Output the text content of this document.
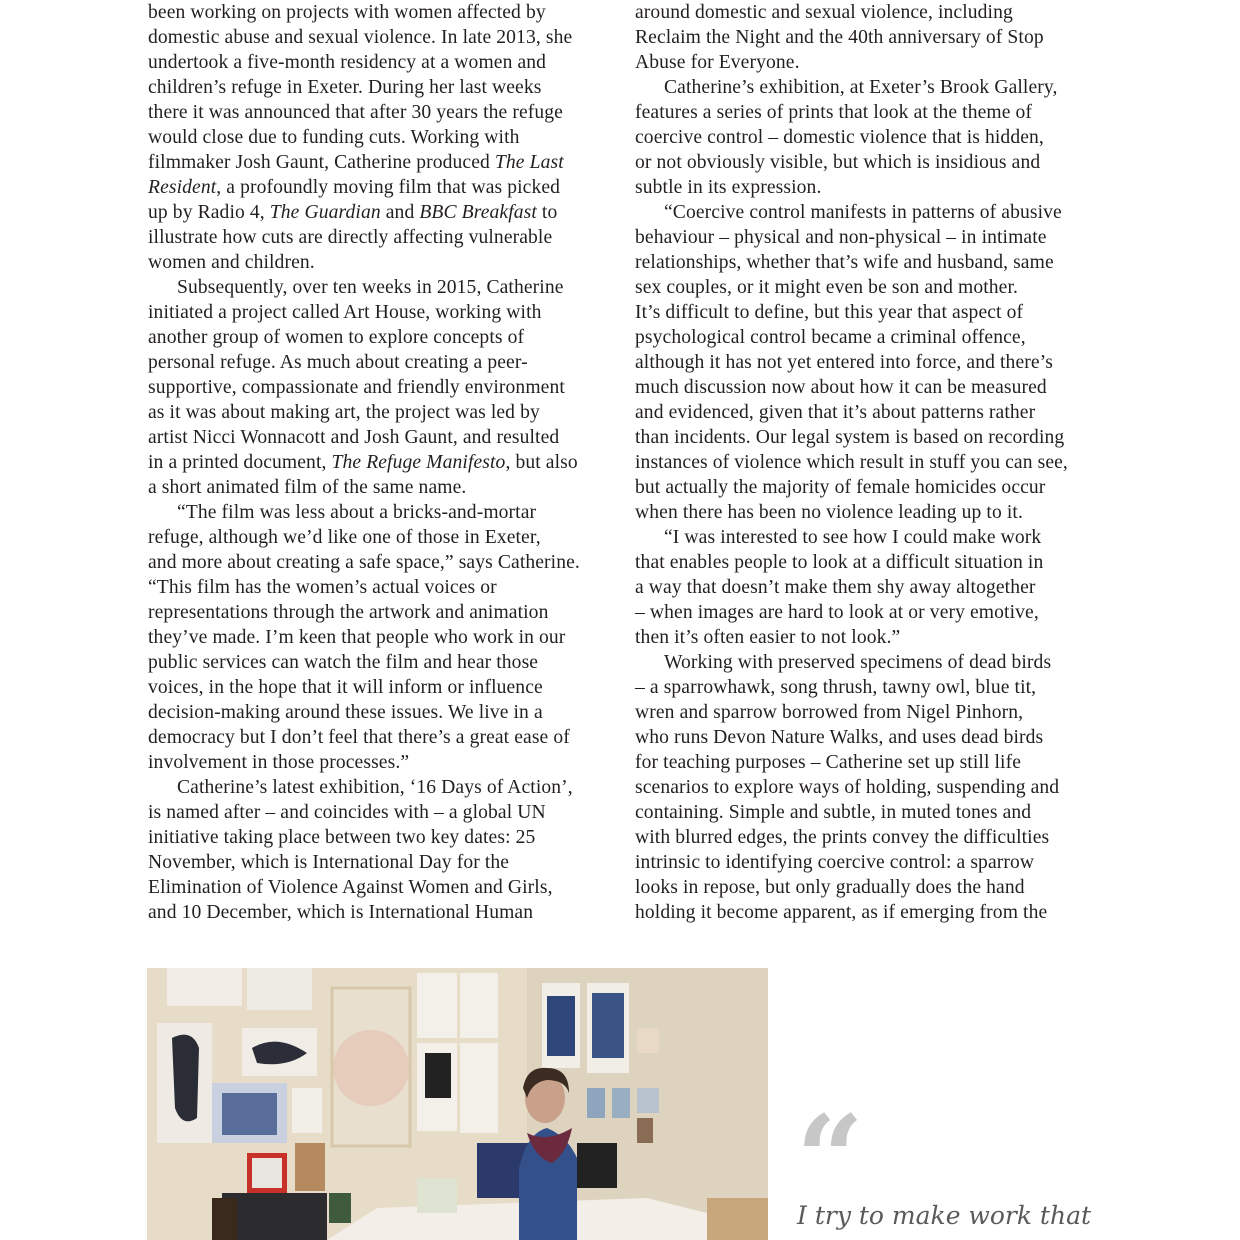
been working on projects with women affected by
domestic abuse and sexual violence. In late 2013, she
undertook a five-month residency at a women and
children’s refuge in Exeter. During her last weeks
there it was announced that after 30 years the refuge
would close due to funding cuts. Working with
filmmaker Josh Gaunt, Catherine produced The Last
Resident, a profoundly moving film that was picked
up by Radio 4, The Guardian and BBC Breakfast to
illustrate how cuts are directly affecting vulnerable
women and children.
Subsequently, over ten weeks in 2015, Catherine
initiated a project called Art House, working with
another group of women to explore concepts of
personal refuge. As much about creating a peer-
supportive, compassionate and friendly environment
as it was about making art, the project was led by
artist Nicci Wonnacott and Josh Gaunt, and resulted
in a printed document, The Refuge Manifesto, but also
a short animated film of the same name.
“The film was less about a bricks-and-mortar
refuge, although we’d like one of those in Exeter,
and more about creating a safe space,” says Catherine.
“This film has the women’s actual voices or
representations through the artwork and animation
they’ve made. I’m keen that people who work in our
public services can watch the film and hear those
voices, in the hope that it will inform or influence
decision-making around these issues. We live in a
democracy but I don’t feel that there’s a great ease of
involvement in those processes.”
Catherine’s latest exhibition, ‘16 Days of Action’,
is named after – and coincides with – a global UN
initiative taking place between two key dates: 25
November, which is International Day for the
Elimination of Violence Against Women and Girls,
and 10 December, which is International Human
around domestic and sexual violence, including
Reclaim the Night and the 40th anniversary of Stop
Abuse for Everyone.
Catherine’s exhibition, at Exeter’s Brook Gallery,
features a series of prints that look at the theme of
coercive control – domestic violence that is hidden,
or not obviously visible, but which is insidious and
subtle in its expression.
“Coercive control manifests in patterns of abusive
behaviour – physical and non-physical – in intimate
relationships, whether that’s wife and husband, same
sex couples, or it might even be son and mother.
It’s difficult to define, but this year that aspect of
psychological control became a criminal offence,
although it has not yet entered into force, and there’s
much discussion now about how it can be measured
and evidenced, given that it’s about patterns rather
than incidents. Our legal system is based on recording
instances of violence which result in stuff you can see,
but actually the majority of female homicides occur
when there has been no violence leading up to it.
“I was interested to see how I could make work
that enables people to look at a difficult situation in
a way that doesn’t make them shy away altogether
– when images are hard to look at or very emotive,
then it’s often easier to not look.”
Working with preserved specimens of dead birds
– a sparrowhawk, song thrush, tawny owl, blue tit,
wren and sparrow borrowed from Nigel Pinhorn,
who runs Devon Nature Walks, and uses dead birds
for teaching purposes – Catherine set up still life
scenarios to explore ways of holding, suspending and
containing. Simple and subtle, in muted tones and
with blurred edges, the prints convey the difficulties
intrinsic to identifying coercive control: a sparrow
looks in repose, but only gradually does the hand
holding it become apparent, as if emerging from the
“
I try to make work that
